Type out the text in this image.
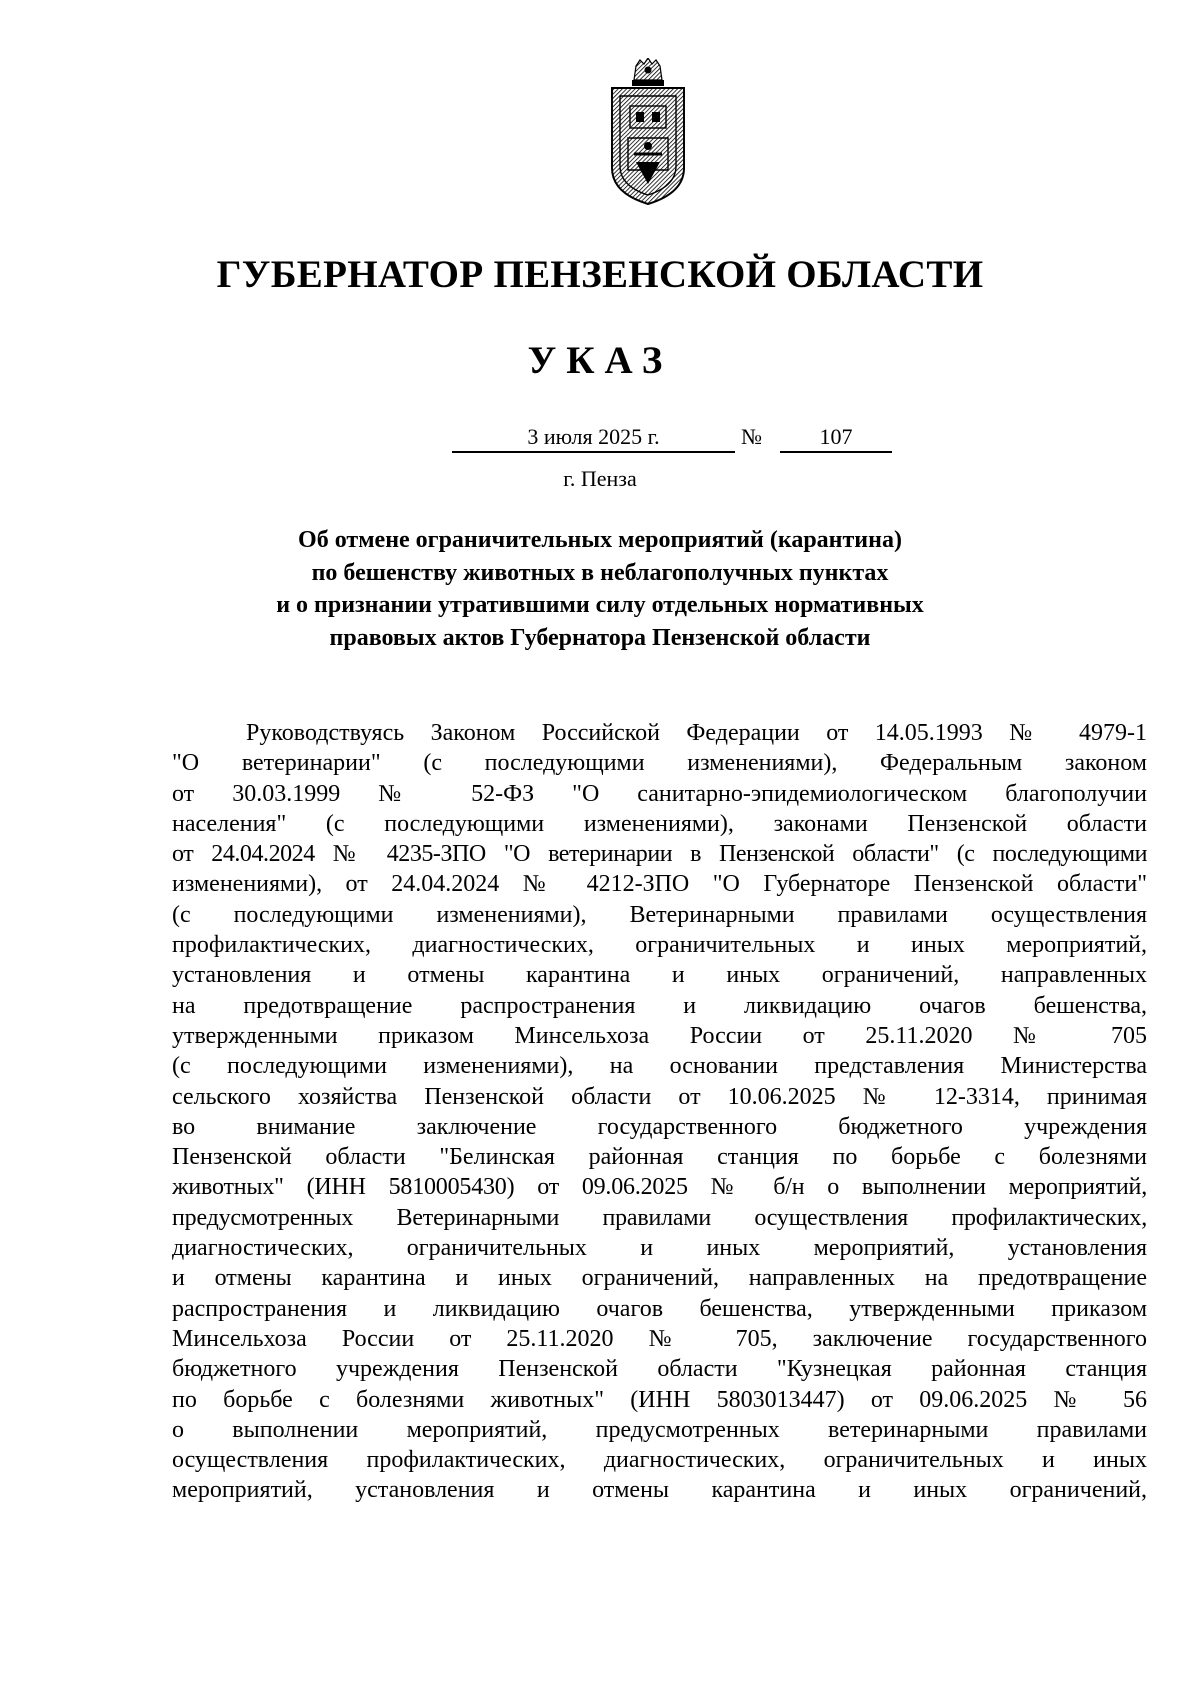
ГУБЕРНАТОР ПЕНЗЕНСКОЙ ОБЛАСТИ
УКАЗ
3 июля 2025 г.	№	107
г. Пенза
Об отмене ограничительных мероприятий (карантина)
по бешенству животных в неблагополучных пунктах
и о признании утратившими силу отдельных нормативных
правовых актов Губернатора Пензенской области
Руководствуясь Законом Российской Федерации от 14.05.1993 № 4979-1
"О ветеринарии" (с последующими изменениями), Федеральным законом
от 30.03.1999 № 52-ФЗ "О санитарно-эпидемиологическом благополучии
населения" (с последующими изменениями), законами Пензенской области
от 24.04.2024 № 4235-ЗПО "О ветеринарии в Пензенской области" (с последующими
изменениями), от 24.04.2024 № 4212-ЗПО "О Губернаторе Пензенской области"
(с последующими изменениями), Ветеринарными правилами осуществления
профилактических, диагностических, ограничительных и иных мероприятий,
установления и отмены карантина и иных ограничений, направленных
на предотвращение распространения и ликвидацию очагов бешенства,
утвержденными приказом Минсельхоза России от 25.11.2020 № 705
(с последующими изменениями), на основании представления Министерства
сельского хозяйства Пензенской области от 10.06.2025 № 12-3314, принимая
во внимание заключение государственного бюджетного учреждения
Пензенской области "Белинская районная станция по борьбе с болезнями
животных" (ИНН 5810005430) от 09.06.2025 № б/н о выполнении мероприятий,
предусмотренных Ветеринарными правилами осуществления профилактических,
диагностических, ограничительных и иных мероприятий, установления
и отмены карантина и иных ограничений, направленных на предотвращение
распространения и ликвидацию очагов бешенства, утвержденными приказом
Минсельхоза России от 25.11.2020 № 705, заключение государственного
бюджетного учреждения Пензенской области "Кузнецкая районная станция
по борьбе с болезнями животных" (ИНН 5803013447) от 09.06.2025 № 56
о выполнении мероприятий, предусмотренных ветеринарными правилами
осуществления профилактических, диагностических, ограничительных и иных
мероприятий, установления и отмены карантина и иных ограничений,
